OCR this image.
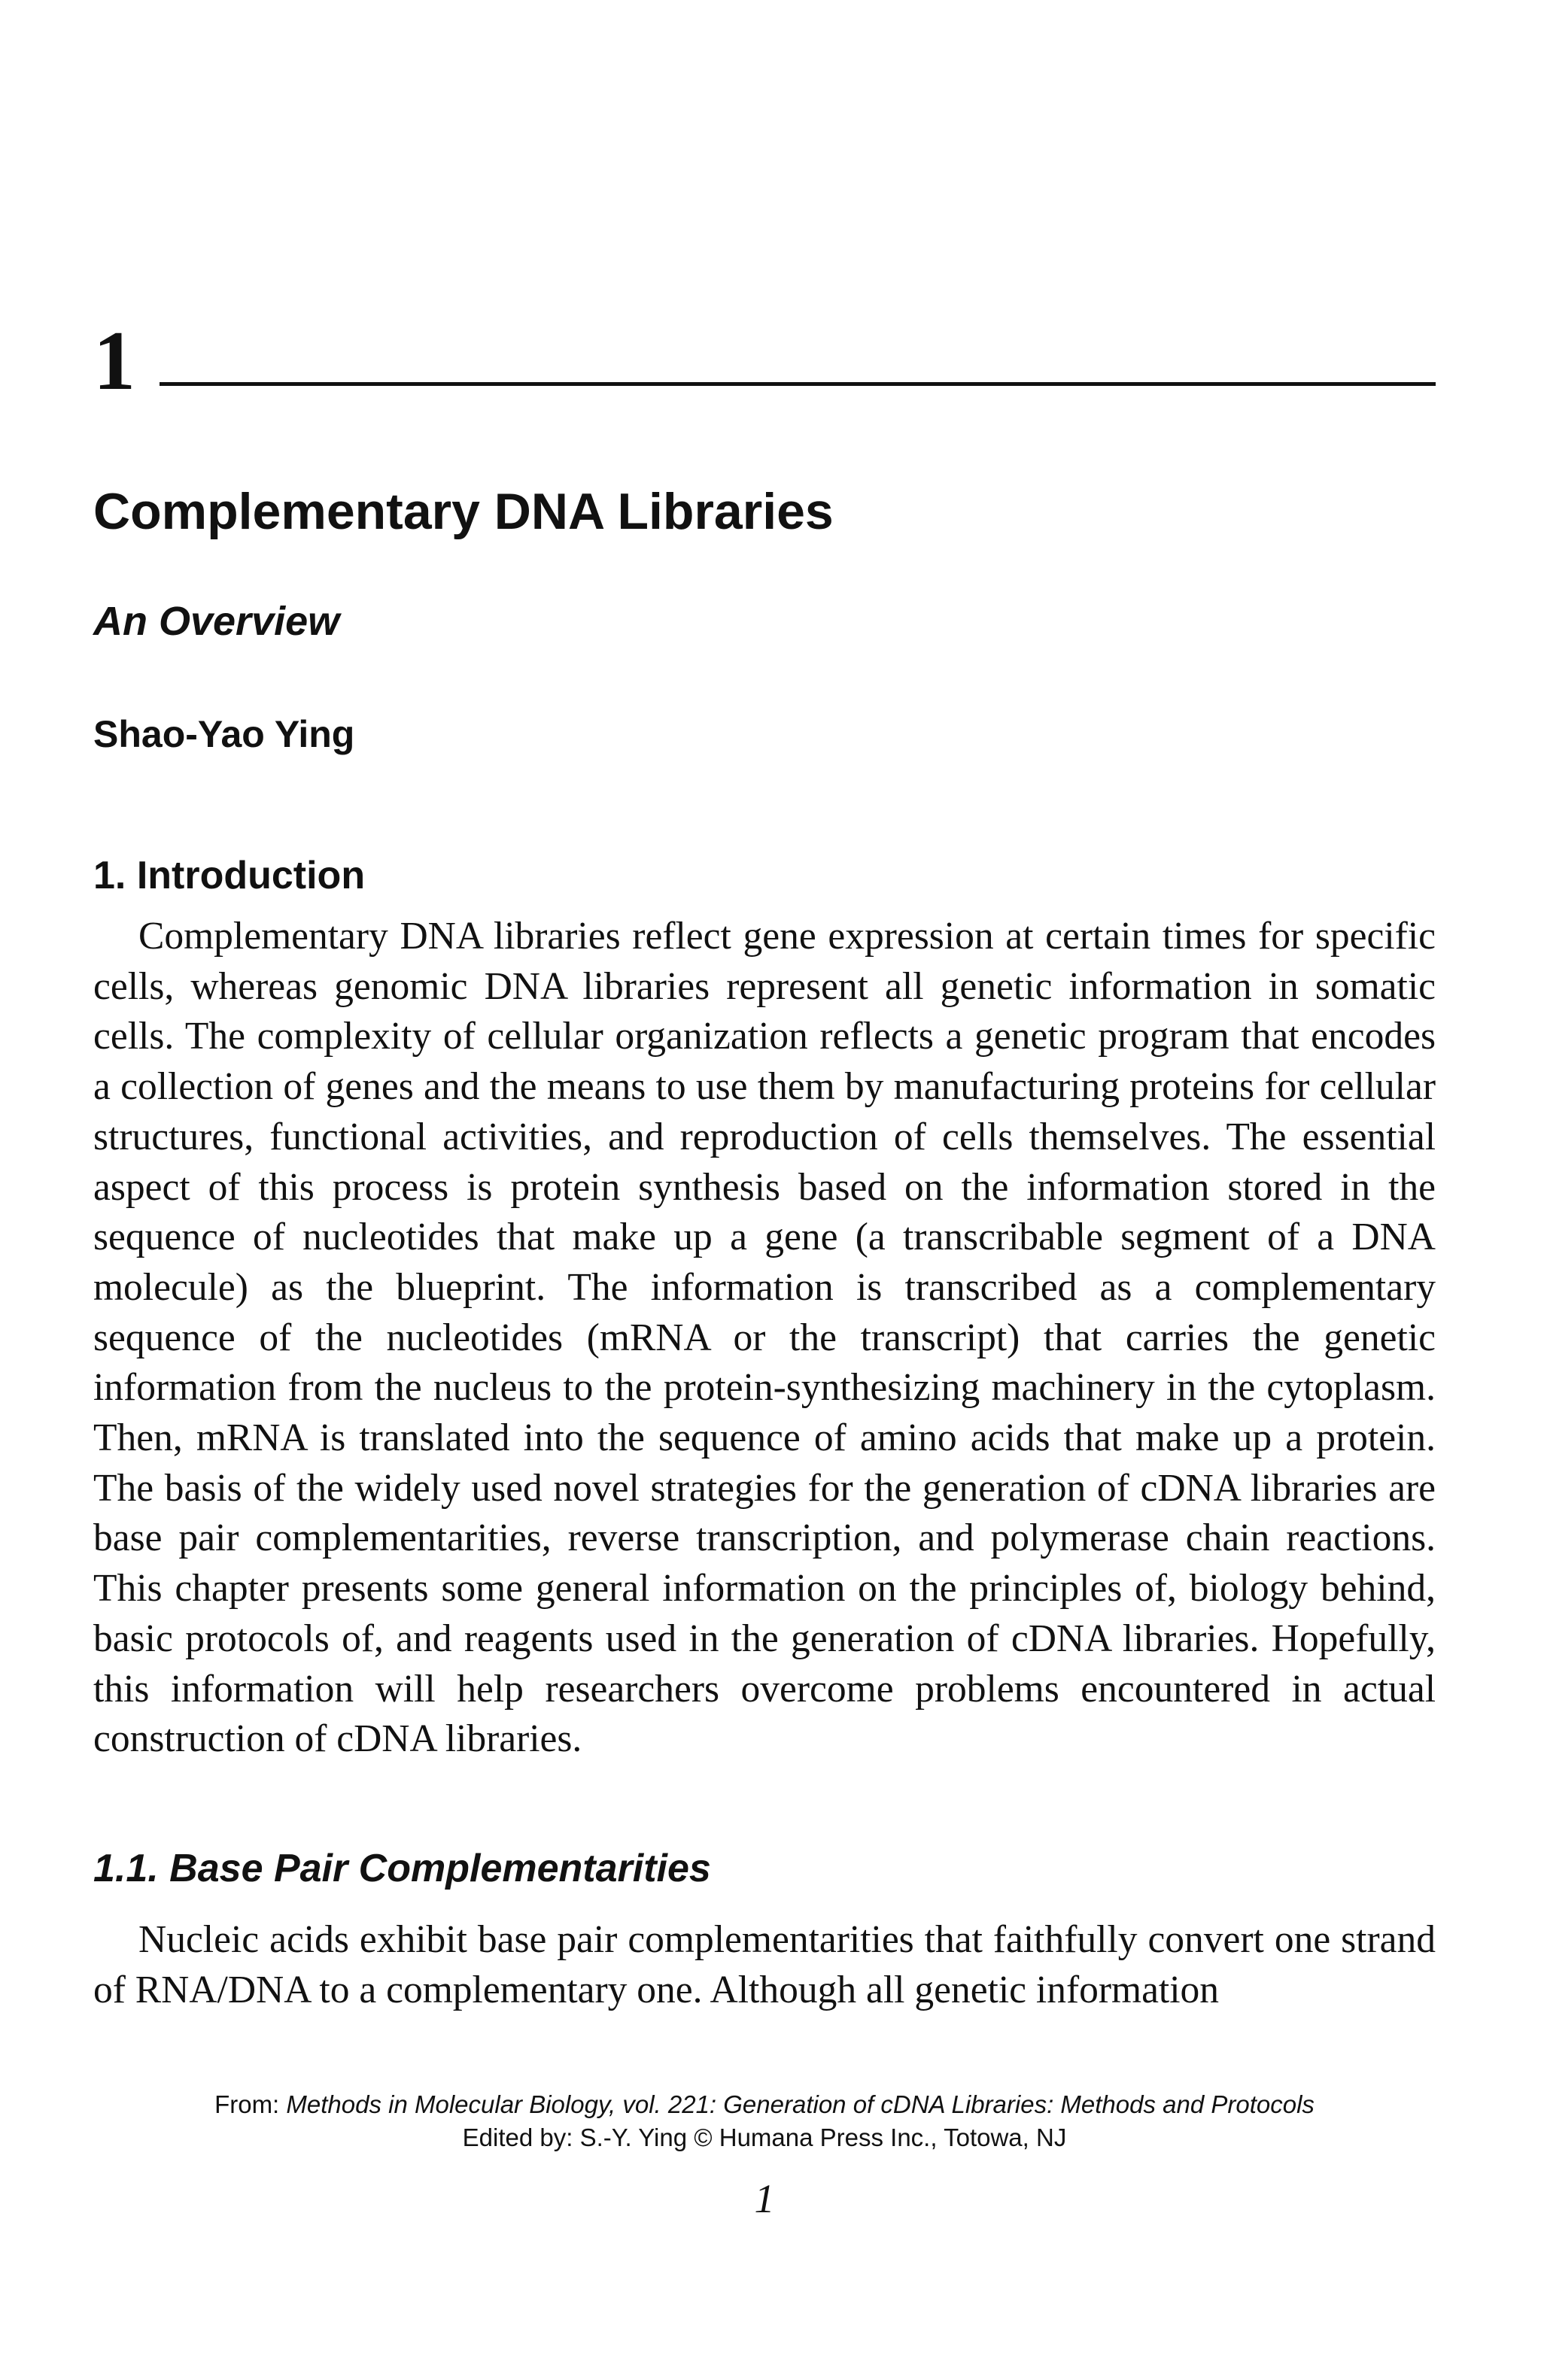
1
Complementary DNA Libraries
An Overview
Shao-Yao Ying
1. Introduction

Complementary DNA libraries reflect gene expression at certain times for specific cells, whereas genomic DNA libraries represent all genetic information in somatic cells. The complexity of cellular organization reflects a genetic program that encodes a collection of genes and the means to use them by manufacturing proteins for cellular structures, functional activities, and reproduction of cells themselves. The essential aspect of this process is protein synthesis based on the information stored in the sequence of nucleotides that make up a gene (a transcribable segment of a DNA molecule) as the blueprint. The information is transcribed as a complementary sequence of the nucleotides (mRNA or the transcript) that carries the genetic information from the nucleus to the protein-synthesizing machinery in the cytoplasm. Then, mRNA is translated into the sequence of amino acids that make up a protein. The basis of the widely used novel strategies for the generation of cDNA libraries are base pair complementarities, reverse transcription, and polymerase chain reactions. This chapter presents some general information on the principles of, biology behind, basic protocols of, and reagents used in the generation of cDNA libraries. Hopefully, this information will help researchers overcome problems encountered in actual construction of cDNA libraries.

1.1. Base Pair Complementarities

Nucleic acids exhibit base pair complementarities that faithfully convert one strand of RNA/DNA to a complementary one. Although all genetic information

From: Methods in Molecular Biology, vol. 221: Generation of cDNA Libraries: Methods and Protocols
Edited by: S.-Y. Ying © Humana Press Inc., Totowa, NJ
1
